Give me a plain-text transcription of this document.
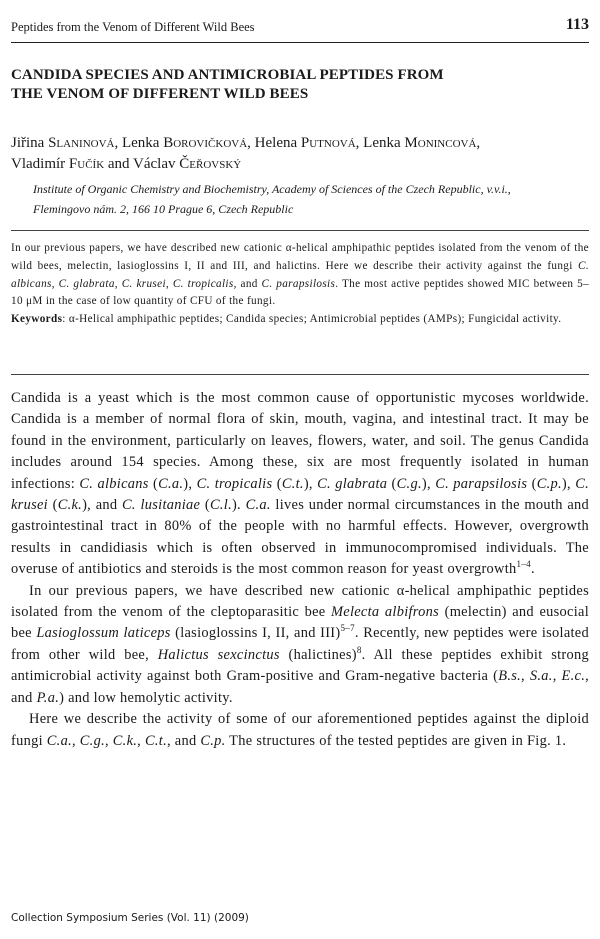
Peptides from the Venom of Different Wild Bees	113
CANDIDA SPECIES AND ANTIMICROBIAL PEPTIDES FROM
THE VENOM OF DIFFERENT WILD BEES
Jiřina Slaninová, Lenka Borovičková, Helena Putnová, Lenka Monincová,
Vladimír Fučík and Václav Čeřovský
Institute of Organic Chemistry and Biochemistry, Academy of Sciences of the Czech Republic, v.v.i.,
Flemingovo nám. 2, 166 10 Prague 6, Czech Republic

In our previous papers, we have described new cationic α-helical amphipathic peptides isolated from the venom of the wild bees, melectin, lasioglossins I, II and III, and halictins. Here we describe their activity against the fungi C. albicans, C. glabrata, C. krusei, C. tropicalis, and C. parapsilosis. The most active peptides showed MIC between 5–10 μM in the case of low quantity of CFU of the fungi.

Keywords: α-Helical amphipathic peptides; Candida species; Antimicrobial peptides (AMPs); Fungicidal activity.

Candida is a yeast which is the most common cause of opportunistic mycoses worldwide. Candida is a member of normal flora of skin, mouth, vagina, and intestinal tract. It may be found in the environment, particularly on leaves, flowers, water, and soil. The genus Candida includes around 154 species. Among these, six are most frequently isolated in human infections: C. albicans (C.a.), C. tropicalis (C.t.), C. glabrata (C.g.), C. parapsilosis (C.p.), C. krusei (C.k.), and C. lusitaniae (C.l.). C.a. lives under normal circumstances in the mouth and gastrointestinal tract in 80% of the people with no harmful effects. However, overgrowth results in candidiasis which is often observed in immunocompromised individuals. The overuse of antibiotics and steroids is the most common reason for yeast overgrowth$^{1-4}$.

In our previous papers, we have described new cationic α-helical amphipathic peptides isolated from the venom of the cleptoparasitic bee Melecta albifrons (melectin) and eusocial bee Lasioglossum laticeps (lasioglossins I, II, and III)$^{5-7}$. Recently, new peptides were isolated from other wild bee, Halictus sexcinctus (halictines)$^8$. All these peptides exhibit strong antimicrobial activity against both Gram-positive and Gram-negative bacteria (B.s., S.a., E.c., and P.a.) and low hemolytic activity.

Here we describe the activity of some of our aforementioned peptides against the diploid fungi C.a., C.g., C.k., C.t., and C.p. The structures of the tested peptides are given in Fig. 1.

Collection Symposium Series (Vol. 11) (2009)
